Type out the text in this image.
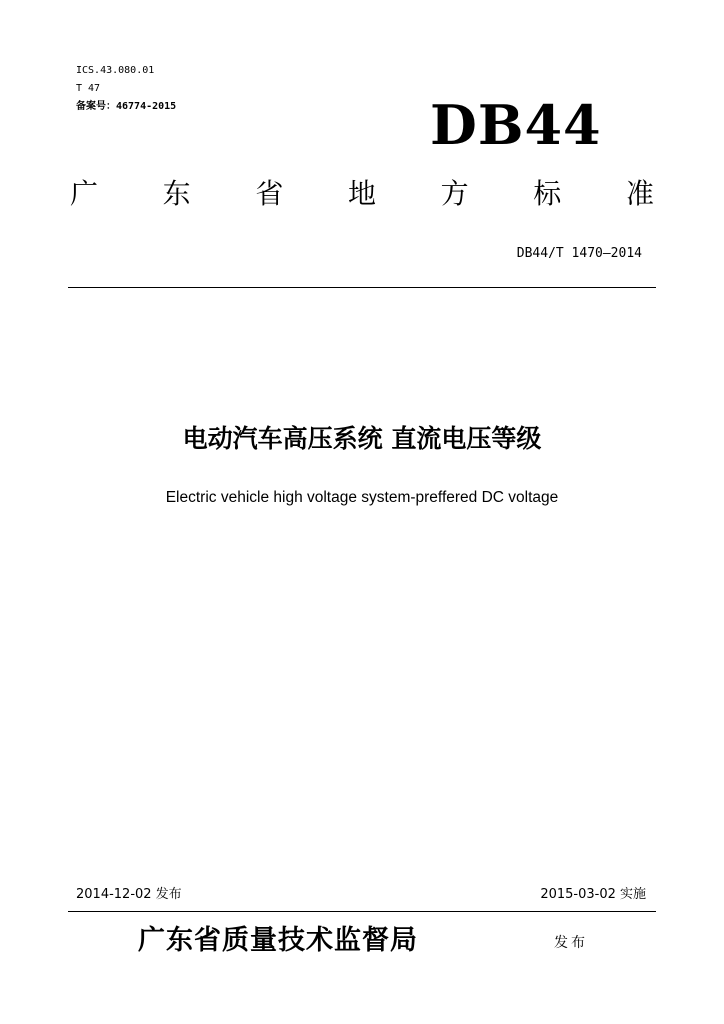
ICS.43.080.01
T 47
备案号：46774-2015	DB44
广 东 省 地 方 标 准
DB44/T 1470—2014
电动汽车高压系统 直流电压等级
Electric vehicle high voltage system-preffered DC voltage
2014-12-02 发布	2015-03-02 实施
广东省质量技术监督局	发布
